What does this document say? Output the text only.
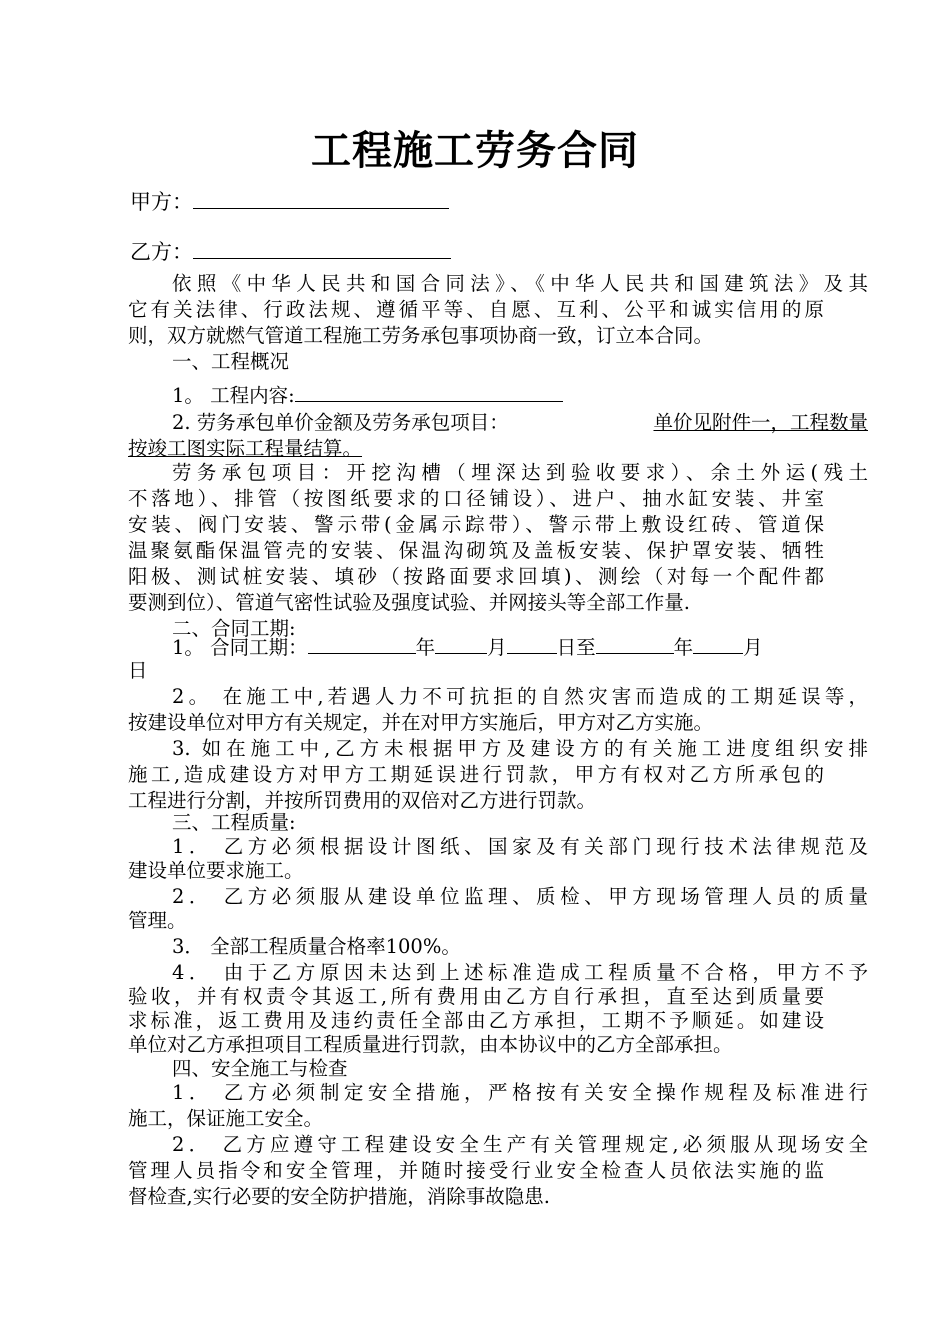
工程施工劳务合同
甲方：
乙方：
依照《中华人民共和国合同法》、《中华人民共和国建筑法》及其
它有关法律、行政法规、遵循平等、自愿、互利、公平和诚实信用的原
则，双方就燃气管道工程施工劳务承包事项协商一致，订立本合同。
一、工程概况
1。 工程内容:
2. 劳务承包单价金额及劳务承包项目：	单价见附件一，工程数量
按竣工图实际工程量结算。
劳务承包项目：开挖沟槽（埋深达到验收要求）、余土外运(残土
不落地）、排管（按图纸要求的口径铺设）、进户、抽水缸安装、井室
安装、阀门安装、警示带(金属示踪带）、警示带上敷设红砖、管道保
温聚氨酯保温管壳的安装、保温沟砌筑及盖板安装、保护罩安装、牺牲
阳极、测试桩安装、填砂（按路面要求回填)、测绘（对每一个配件都
要测到位）、管道气密性试验及强度试验、并网接头等全部工作量.
二、合同工期:
1。 合同工期：	年	月	日至	年	月
日
2。 在施工中,若遇人力不可抗拒的自然灾害而造成的工期延误等，
按建设单位对甲方有关规定，并在对甲方实施后，甲方对乙方实施。
3. 如在施工中,乙方未根据甲方及建设方的有关施工进度组织安排
施工,造成建设方对甲方工期延误进行罚款，甲方有权对乙方所承包的
工程进行分割，并按所罚费用的双倍对乙方进行罚款。
三、工程质量:
1． 乙方必须根据设计图纸、国家及有关部门现行技术法律规范及
建设单位要求施工。
2． 乙方必须服从建设单位监理、质检、甲方现场管理人员的质量
管理。
3． 全部工程质量合格率100%。
4． 由于乙方原因未达到上述标准造成工程质量不合格，甲方不予
验收，并有权责令其返工,所有费用由乙方自行承担，直至达到质量要
求标准，返工费用及违约责任全部由乙方承担，工期不予顺延。如建设
单位对乙方承担项目工程质量进行罚款，由本协议中的乙方全部承担。
四、安全施工与检查
1． 乙方必须制定安全措施，严格按有关安全操作规程及标准进行
施工，保证施工安全。
2． 乙方应遵守工程建设安全生产有关管理规定,必须服从现场安全
管理人员指令和安全管理，并随时接受行业安全检查人员依法实施的监
督检查,实行必要的安全防护措施，消除事故隐患.
